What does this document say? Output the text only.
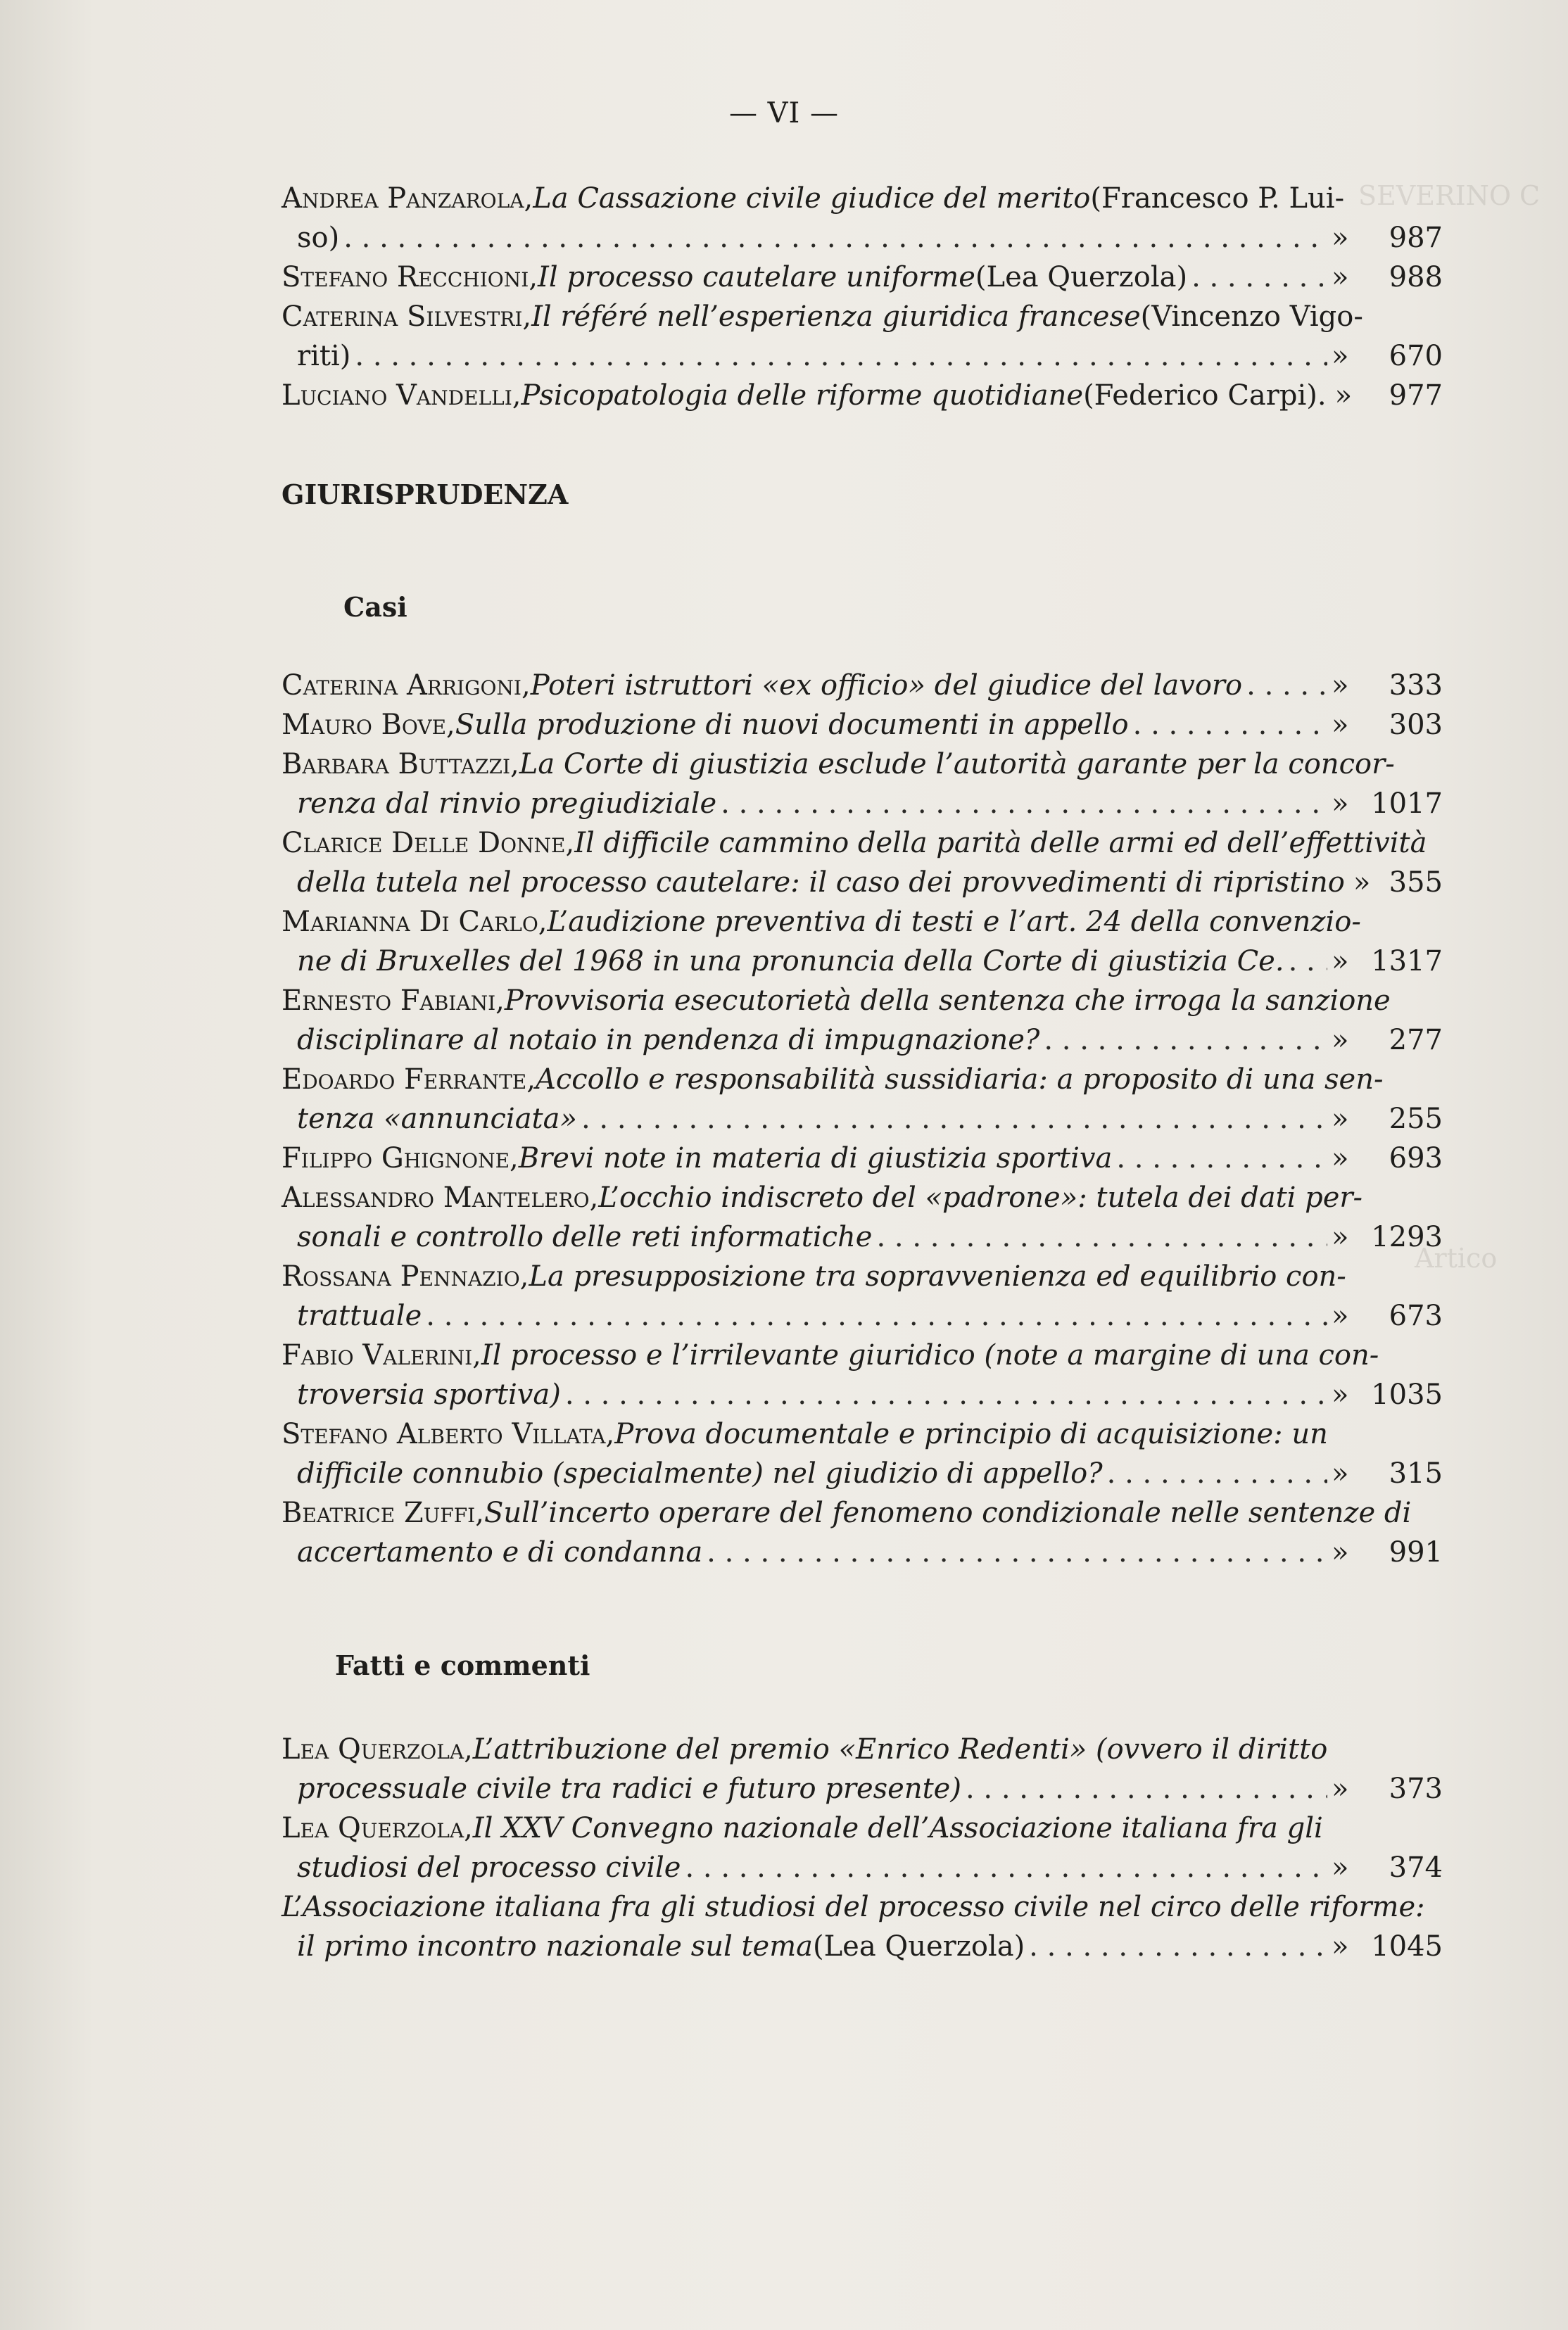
SEVERINO C
Artico
— VI —
Andrea Panzarola , La Cassazione civile giudice del merito (Francesco P. Lui-
so) . . .	»	987
Stefano Recchioni , Il processo cautelare uniforme (Lea Querzola) . . .	»	988
Caterina Silvestri , Il référé nell’esperienza giuridica francese (Vincenzo Vigo-
riti) . . .	»	670
Luciano Vandelli , Psicopatologia delle riforme quotidiane (Federico Carpi). »	977
GIURISPRUDENZA
Casi
Caterina Arrigoni , Poteri istruttori «ex officio» del giudice del lavoro . . .	»	333
Mauro Bove , Sulla produzione di nuovi documenti in appello . . .	»	303
Barbara Buttazzi , La Corte di giustizia esclude l’autorità garante per la concor-
renza dal rinvio pregiudiziale . . .	» 1017
Clarice Delle Donne , Il difficile cammino della parità delle armi ed dell’effettività
della tutela nel processo cautelare: il caso dei provvedimenti di ripristino » 355
Marianna Di Carlo , L’audizione preventiva di testi e l’art. 24 della convenzio-
ne di Bruxelles del 1968 in una pronuncia della Corte di giustizia Ce. . . . » 1317
Ernesto Fabiani , Provvisoria esecutorietà della sentenza che irroga la sanzione
disciplinare al notaio in pendenza di impugnazione? . . .	»	277
Edoardo Ferrante , Accollo e responsabilità sussidiaria: a proposito di una sen-
tenza «annunciata» . . .	»	255
Filippo Ghignone , Brevi note in materia di giustizia sportiva . . .	»	693
Alessandro Mantelero , L’occhio indiscreto del «padrone»: tutela dei dati per-
sonali e controllo delle reti informatiche . . .	» 1293
Rossana Pennazio , La presupposizione tra sopravvenienza ed equilibrio con-
trattuale . . .	»	673
Fabio Valerini , Il processo e l’irrilevante giuridico (note a margine di una con-
troversia sportiva) . . .	» 1035
Stefano Alberto Villata , Prova documentale e principio di acquisizione: un
difficile connubio (specialmente) nel giudizio di appello? . . .	»	315
Beatrice Zuffi , Sull’incerto operare del fenomeno condizionale nelle sentenze di
accertamento e di condanna . . .	»	991
Fatti e commenti
Lea Querzola , L’attribuzione del premio «Enrico Redenti» (ovvero il diritto
processuale civile tra radici e futuro presente) . . .	»	373
Lea Querzola , Il XXV Convegno nazionale dell’Associazione italiana fra gli
studiosi del processo civile . . .	»	374
L’Associazione italiana fra gli studiosi del processo civile nel circo delle riforme:
il primo incontro nazionale sul tema (Lea Querzola) . . .	» 1045
